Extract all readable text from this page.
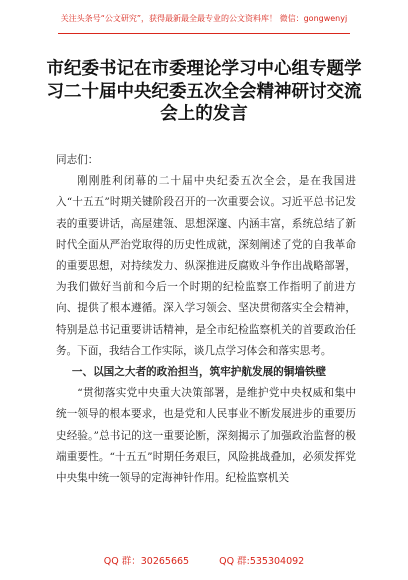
关注头条号“公文研究”，获得最新最全最专业的公文资料库！ 微信：gongwenyj
市纪委书记在市委理论学习中心组专题学
习二十届中央纪委五次全会精神研讨交流
会上的发言

同志们：

刚刚胜利闭幕的二十届中央纪委五次全会，是在我国进入“十五五”时期关键阶段召开的一次重要会议。习近平总书记发表的重要讲话，高屋建瓴、思想深邃、内涵丰富，系统总结了新时代全面从严治党取得的历史性成就，深刻阐述了党的自我革命的重要思想，对持续发力、纵深推进反腐败斗争作出战略部署，为我们做好当前和今后一个时期的纪检监察工作指明了前进方向、提供了根本遵循。深入学习领会、坚决贯彻落实全会精神，特别是总书记重要讲话精神，是全市纪检监察机关的首要政治任务。下面，我结合工作实际，谈几点学习体会和落实思考。

一、以国之大者的政治担当，筑牢护航发展的铜墙铁壁

“贯彻落实党中央重大决策部署，是维护党中央权威和集中统一领导的根本要求，也是党和人民事业不断发展进步的重要历史经验。”总书记的这一重要论断，深刻揭示了加强政治监督的极端重要性。“十五五”时期任务艰巨，风险挑战叠加，必须发挥党中央集中统一领导的定海神针作用。纪检监察机关

QQ 群：30265665	QQ 群:535304092
